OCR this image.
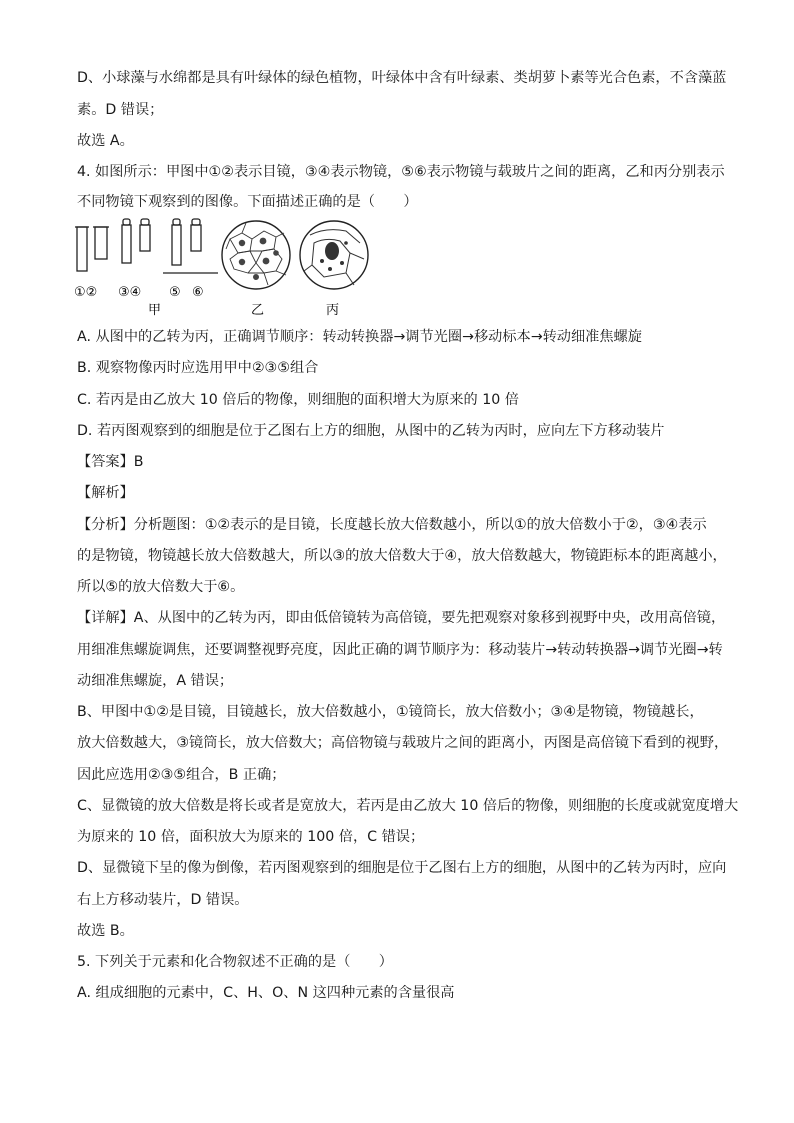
D、小球藻与水绵都是具有叶绿体的绿色植物，叶绿体中含有叶绿素、类胡萝卜素等光合色素，不含藻蓝
素。D 错误；
故选 A。
4. 如图所示：甲图中①②表示目镜，③④表示物镜，⑤⑥表示物镜与载玻片之间的距离，乙和丙分别表示
不同物镜下观察到的图像。下面描述正确的是（　　）
①② ③④ ⑤ ⑥
甲	乙	丙
A. 从图中的乙转为丙，正确调节顺序：转动转换器→调节光圈→移动标本→转动细准焦螺旋
B. 观察物像丙时应选用甲中②③⑤组合
C. 若丙是由乙放大 10 倍后的物像，则细胞的面积增大为原来的 10 倍
D. 若丙图观察到的细胞是位于乙图右上方的细胞，从图中的乙转为丙时，应向左下方移动装片
【答案】B
【解析】
【分析】分析题图：①②表示的是目镜，长度越长放大倍数越小，所以①的放大倍数小于②，③④表示
的是物镜，物镜越长放大倍数越大，所以③的放大倍数大于④，放大倍数越大，物镜距标本的距离越小，
所以⑤的放大倍数大于⑥。
【详解】A、从图中的乙转为丙，即由低倍镜转为高倍镜，要先把观察对象移到视野中央，改用高倍镜，
用细准焦螺旋调焦，还要调整视野亮度，因此正确的调节顺序为：移动装片→转动转换器→调节光圈→转
动细准焦螺旋，A 错误；
B、甲图中①②是目镜，目镜越长，放大倍数越小，①镜筒长，放大倍数小；③④是物镜，物镜越长，
放大倍数越大，③镜筒长，放大倍数大；高倍物镜与载玻片之间的距离小，丙图是高倍镜下看到的视野，
因此应选用②③⑤组合，B 正确；
C、显微镜的放大倍数是将长或者是宽放大，若丙是由乙放大 10 倍后的物像，则细胞的长度或就宽度增大
为原来的 10 倍，面积放大为原来的 100 倍，C 错误；
D、显微镜下呈的像为倒像，若丙图观察到的细胞是位于乙图右上方的细胞，从图中的乙转为丙时，应向
右上方移动装片，D 错误。
故选 B。
5. 下列关于元素和化合物叙述不正确的是（　　）
A. 组成细胞的元素中，C、H、O、N 这四种元素的含量很高
